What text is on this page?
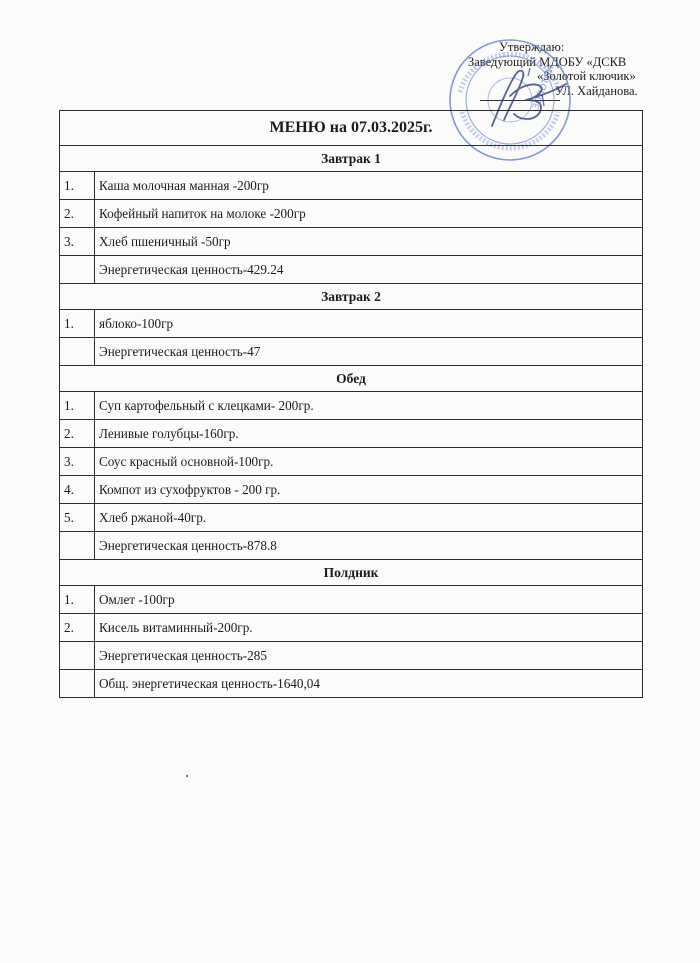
Утверждаю:
Заведующий МДОБУ «ДСКВ
«Золотой ключик»
УЛ. Хайданова.
ЗОЛОТОЙ
МЕНЮ на 07.03.2025г.	
Завтрак 1	
1.	Каша молочная манная -200гр
2.	Кофейный напиток на молоке -200гр
3.	Хлеб пшеничный -50гр
	Энергетическая ценность-429.24
Завтрак 2	
1.	яблоко-100гр
	Энергетическая ценность-47
Обед	
1.	Суп картофельный с клецками- 200гр.
2.	Ленивые голубцы-160гр.
3.	Соус красный основной-100гр.
4.	Компот из сухофруктов - 200 гр.
5.	Хлеб ржаной-40гр.
	Энергетическая ценность-878.8
Полдник	
1.	Омлет -100гр
2.	Кисель витаминный-200гр.
	Энергетическая ценность-285
	Общ. энергетическая ценность-1640,04
